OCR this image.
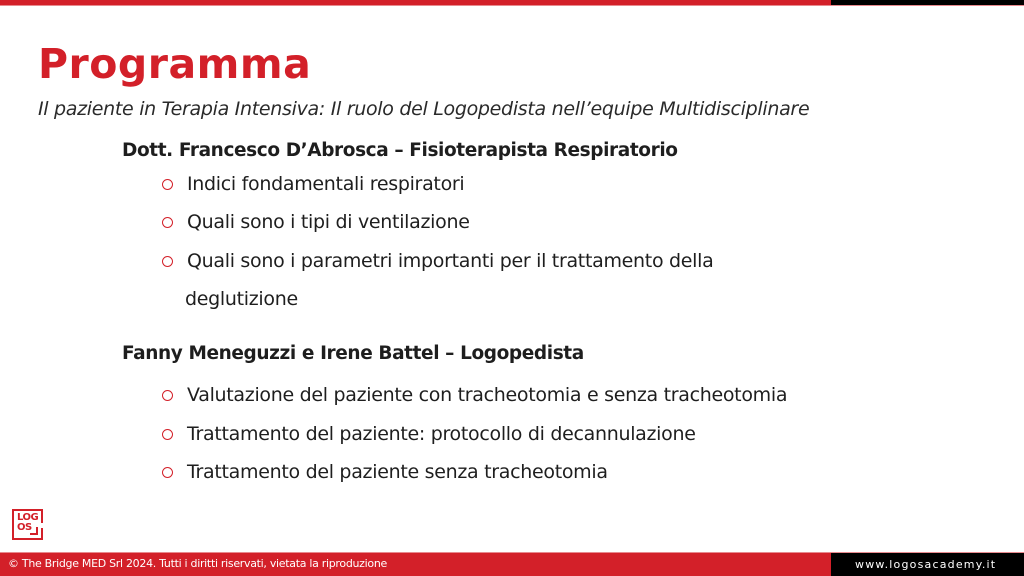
Programma

Il paziente in Terapia Intensiva: Il ruolo del Logopedista nell’equipe Multidisciplinare

Dott. Francesco D’Abrosca – Fisioterapista Respiratorio
Indici fondamentali respiratori
Quali sono i tipi di ventilazione
Quali sono i parametri importanti per il trattamento della
deglutizione
Fanny Meneguzzi e Irene Battel – Logopedista
Valutazione del paziente con tracheotomia e senza tracheotomia
Trattamento del paziente: protocollo di decannulazione
Trattamento del paziente senza tracheotomia
LOG
OS
© The Bridge MED Srl 2024. Tutti i diritti riservati, vietata la riproduzione	www.logosacademy.it
